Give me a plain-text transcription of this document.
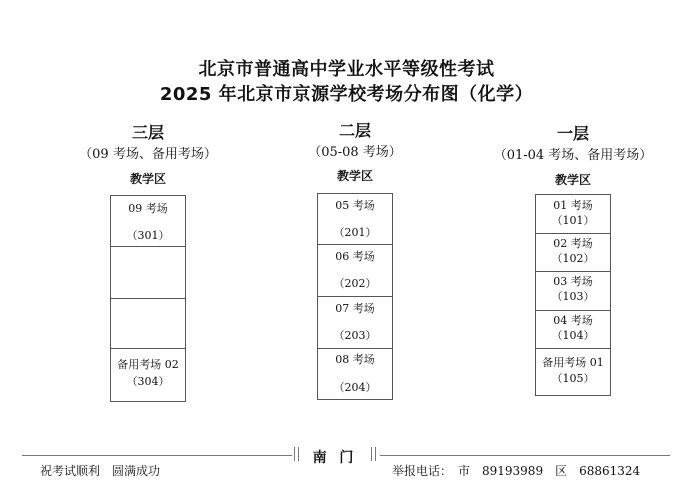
北京市普通高中学业水平等级性考试
2025 年北京市京源学校考场分布图（化学）
三层
（09 考场、备用考场）
教学区
09 考场
（301）
备用考场 02
（304）
二层
（05-08 考场）
教学区
05 考场
（201）
06 考场
（202）
07 考场
（203）
08 考场
（204）
一层
（01-04 考场、备用考场）
教学区
01 考场
（101）
02 考场
（102）
03 考场
（103）
04 考场
（104）
备用考场 01
（105）
南 门
祝考试顺利　圆满成功	举报电话：　市　89193989　区　68861324
